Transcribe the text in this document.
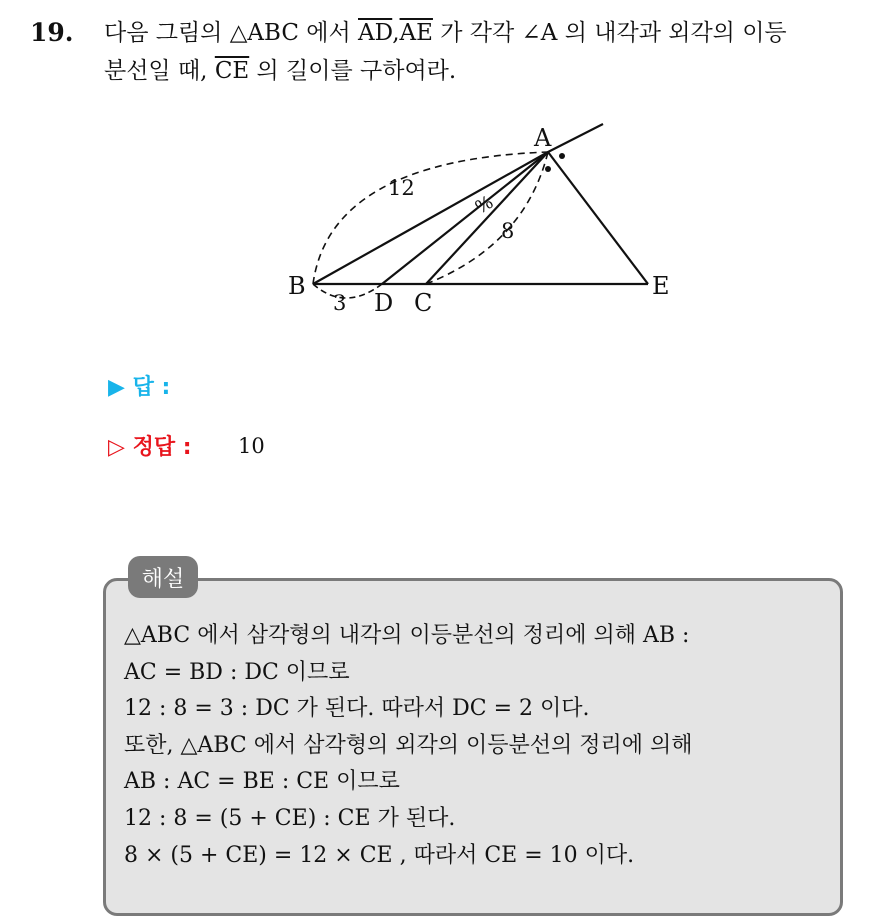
19. 다음 그림의 △ABC 에서 $\overline{AD},\overline{AE}$ 가 각각 ∠A 의 내각과 외각의 이등
분선일 때, $\overline{CE}$ 의 길이를 구하여라.
A
B
D C
E
12
8
3
%
▶ 답 :
▷ 정답 : 10
해설
△ABC 에서 삼각형의 내각의 이등분선의 정리에 의해 AB :
AC = BD : DC 이므로
12 : 8 = 3 : DC 가 된다. 따라서 DC = 2 이다.
또한, △ABC 에서 삼각형의 외각의 이등분선의 정리에 의해
AB : AC = BE : CE 이므로
12 : 8 = (5 + CE) : CE 가 된다.
8 × (5 + CE) = 12 × CE , 따라서 CE = 10 이다.
